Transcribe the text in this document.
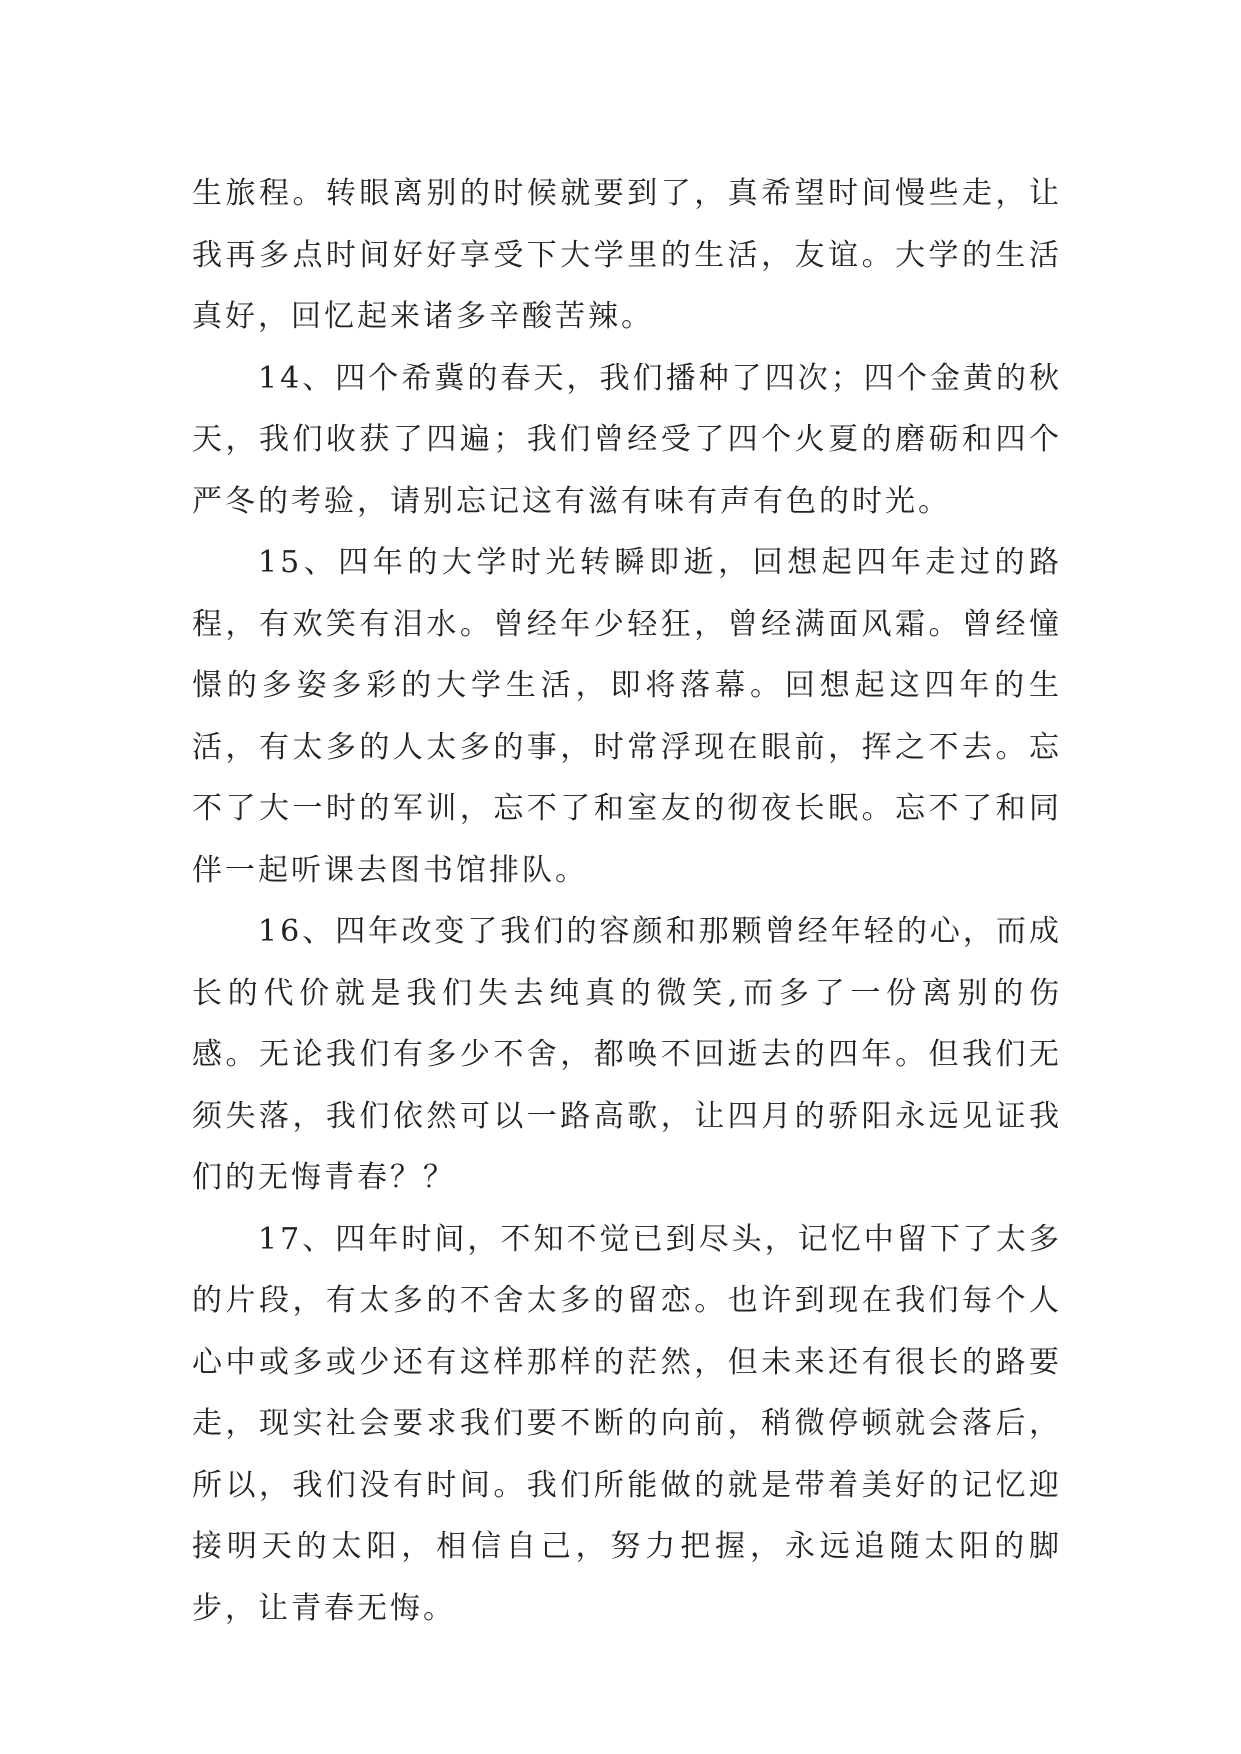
生旅程。转眼离别的时候就要到了，真希望时间慢些走，让我再多点时间好好享受下大学里的生活，友谊。大学的生活真好，回忆起来诸多辛酸苦辣。

14、四个希冀的春天，我们播种了四次；四个金黄的秋天，我们收获了四遍；我们曾经受了四个火夏的磨砺和四个严冬的考验，请别忘记这有滋有味有声有色的时光。

15、四年的大学时光转瞬即逝，回想起四年走过的路程，有欢笑有泪水。曾经年少轻狂，曾经满面风霜。曾经憧憬的多姿多彩的大学生活，即将落幕。回想起这四年的生活，有太多的人太多的事，时常浮现在眼前，挥之不去。忘不了大一时的军训，忘不了和室友的彻夜长眠。忘不了和同伴一起听课去图书馆排队。

16、四年改变了我们的容颜和那颗曾经年轻的心，而成长的代价就是我们失去纯真的微笑,而多了一份离别的伤感。无论我们有多少不舍，都唤不回逝去的四年。但我们无须失落，我们依然可以一路高歌，让四月的骄阳永远见证我们的无悔青春？？

17、四年时间，不知不觉已到尽头，记忆中留下了太多的片段，有太多的不舍太多的留恋。也许到现在我们每个人心中或多或少还有这样那样的茫然，但未来还有很长的路要走，现实社会要求我们要不断的向前，稍微停顿就会落后，所以，我们没有时间。我们所能做的就是带着美好的记忆迎接明天的太阳，相信自己，努力把握，永远追随太阳的脚步，让青春无悔。
